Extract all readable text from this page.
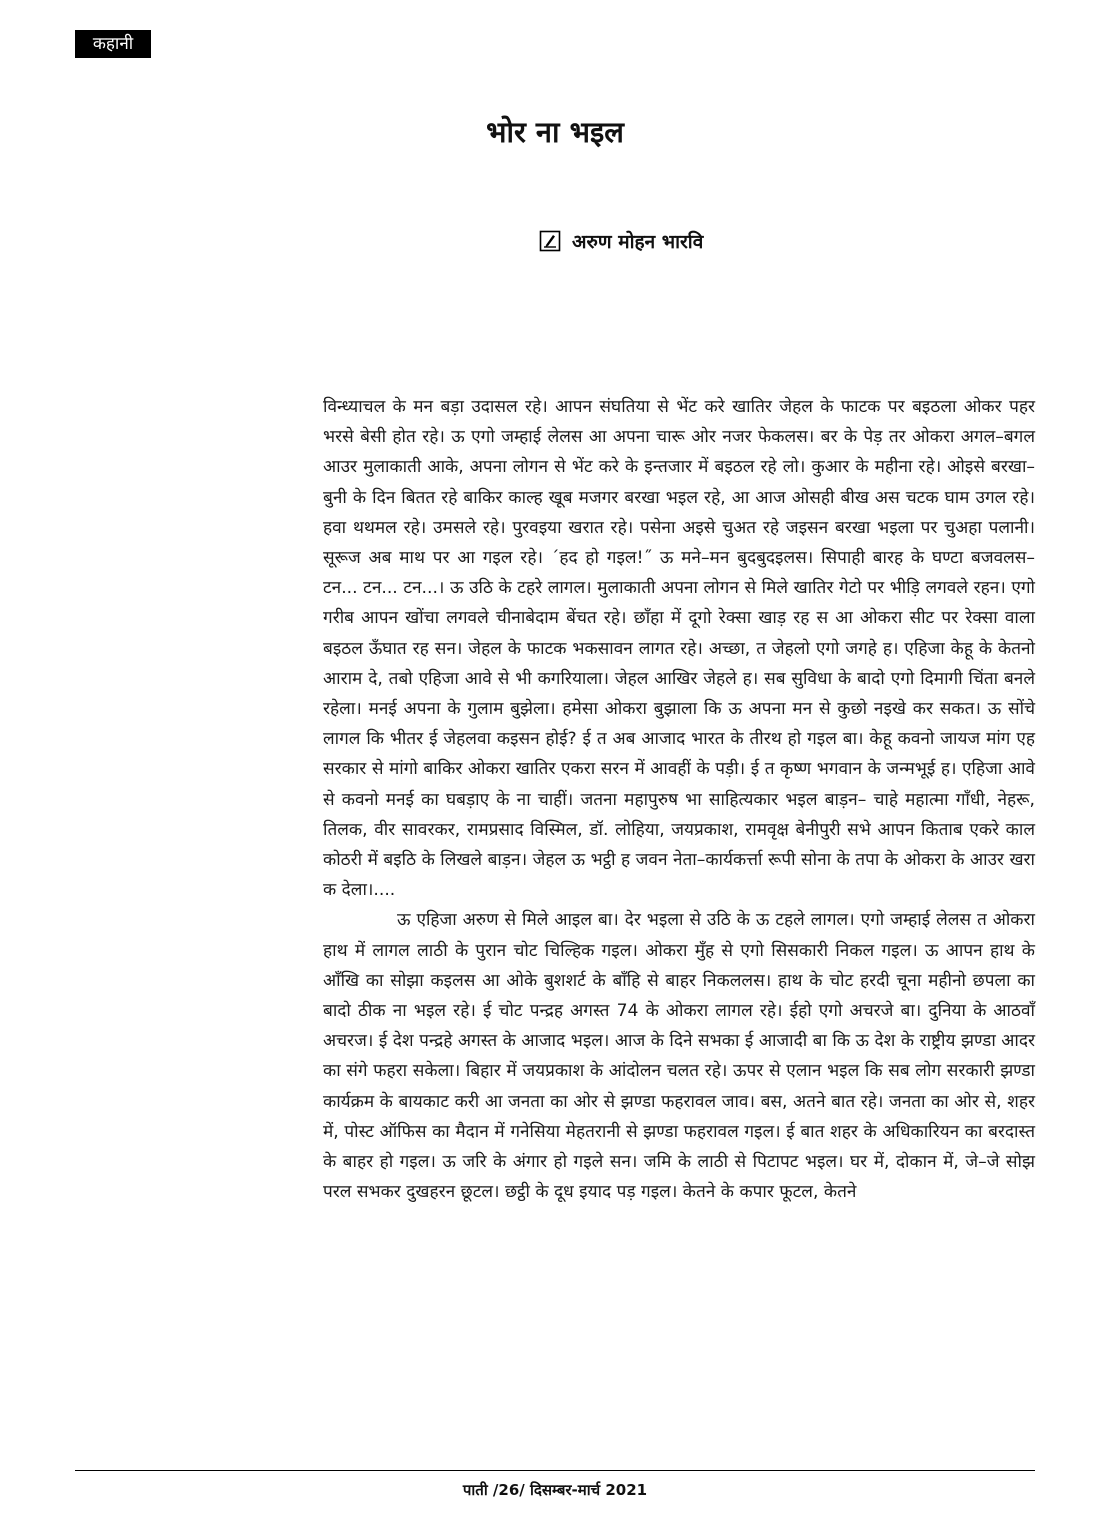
कहानी
भोर ना भइल
अरुण मोहन भारवि

विन्ध्याचल के मन बड़ा उदासल रहे। आपन संघतिया से भेंट करे खातिर जेहल के फाटक पर बइठला ओकर पहर भरसे बेसी होत रहे। ऊ एगो जम्हाई लेलस आ अपना चारू ओर नजर फेकलस। बर के पेड़ तर ओकरा अगल–बगल आउर मुलाकाती आके, अपना लोगन से भेंट करे के इन्तजार में बइठल रहे लो। कुआर के महीना रहे। ओइसे बरखा–बुनी के दिन बितत रहे बाकिर काल्ह खूब मजगर बरखा भइल रहे, आ आज ओसही बीख अस चटक घाम उगल रहे। हवा थथमल रहे। उमसले रहे। पुरवइया खरात रहे। पसेना अइसे चुअत रहे जइसन बरखा भइला पर चुअहा पलानी। सूरूज अब माथ पर आ गइल रहे। ´हद हो गइल!˝ ऊ मने–मन बुदबुदइलस। सिपाही बारह के घण्टा बजवलस– टन... टन... टन...। ऊ उठि के टहरे लागल। मुलाकाती अपना लोगन से मिले खातिर गेटो पर भीड़ि लगवले रहन। एगो गरीब आपन खोंचा लगवले चीनाबेदाम बेंचत रहे। छाँहा में दूगो रेक्सा खाड़ रह स आ ओकरा सीट पर रेक्सा वाला बइठल ऊँघात रह सन। जेहल के फाटक भकसावन लागत रहे। अच्छा, त जेहलो एगो जगहे ह। एहिजा केहू के केतनो आराम दे, तबो एहिजा आवे से भी कगरियाला। जेहल आखिर जेहले ह। सब सुविधा के बादो एगो दिमागी चिंता बनले रहेला। मनई अपना के गुलाम बुझेला। हमेसा ओकरा बुझाला कि ऊ अपना मन से कुछो नइखे कर सकत। ऊ सोंचे लागल कि भीतर ई जेहलवा कइसन होई? ई त अब आजाद भारत के तीरथ हो गइल बा। केहू कवनो जायज मांग एह सरकार से मांगो बाकिर ओकरा खातिर एकरा सरन में आवहीं के पड़ी। ई त कृष्ण भगवान के जन्मभूई ह। एहिजा आवे से कवनो मनई का घबड़ाए के ना चाहीं। जतना महापुरुष भा साहित्यकार भइल बाड़न– चाहे महात्मा गाँधी, नेहरू, तिलक, वीर सावरकर, रामप्रसाद विस्मिल, डॉ. लोहिया, जयप्रकाश, रामवृक्ष बेनीपुरी सभे आपन किताब एकरे काल कोठरी में बइठि के लिखले बाड़न। जेहल ऊ भट्ठी ह जवन नेता–कार्यकर्त्ता रूपी सोना के तपा के ओकरा के आउर खरा क देला।....

ऊ एहिजा अरुण से मिले आइल बा। देर भइला से उठि के ऊ टहले लागल। एगो जम्हाई लेलस त ओकरा हाथ में लागल लाठी के पुरान चोट चिल्हिक गइल। ओकरा मुँह से एगो सिसकारी निकल गइल। ऊ आपन हाथ के आँखि का सोझा कइलस आ ओके बुशशर्ट के बाँहि से बाहर निकललस। हाथ के चोट हरदी चूना महीनो छपला का बादो ठीक ना भइल रहे। ई चोट पन्द्रह अगस्त 74 के ओकरा लागल रहे। ईहो एगो अचरजे बा। दुनिया के आठवाँ अचरज। ई देश पन्द्रहे अगस्त के आजाद भइल। आज के दिने सभका ई आजादी बा कि ऊ देश के राष्ट्रीय झण्डा आदर का संगे फहरा सकेला। बिहार में जयप्रकाश के आंदोलन चलत रहे। ऊपर से एलान भइल कि सब लोग सरकारी झण्डा कार्यक्रम के बायकाट करी आ जनता का ओर से झण्डा फहरावल जाव। बस, अतने बात रहे। जनता का ओर से, शहर में, पोस्ट ऑफिस का मैदान में गनेसिया मेहतरानी से झण्डा फहरावल गइल। ई बात शहर के अधिकारियन का बरदास्त के बाहर हो गइल। ऊ जरि के अंगार हो गइले सन। जमि के लाठी से पिटापट भइल। घर में, दोकान में, जे–जे सोझ परल सभकर दुखहरन छूटल। छट्ठी के दूध इयाद पड़ गइल। केतने के कपार फूटल, केतने

पाती /26/ दिसम्बर-मार्च 2021
